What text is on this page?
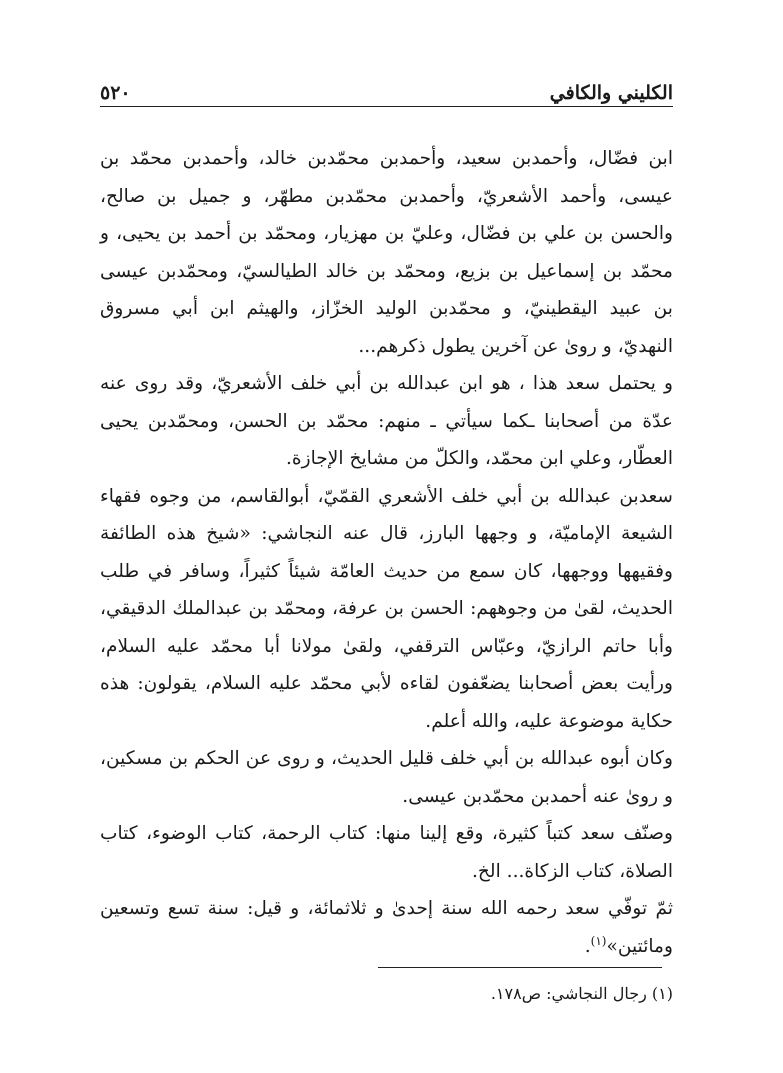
الكليني والكافي
٥٢٠

ابن فضّال، وأحمدبن سعيد، وأحمدبن محمّدبن خالد، وأحمدبن محمّد بن عيسى، وأحمد الأشعريّ، وأحمدبن محمّدبن مطهّر، و جميل بن صالح، والحسن بن علي بن فضّال، وعليّ بن مهزيار، ومحمّد بن أحمد بن يحيى، و محمّد بن إسماعيل بن بزيع، ومحمّد بن خالد الطيالسيّ، ومحمّدبن عيسى بن عبيد اليقطينيّ، و محمّدبن الوليد الخزّاز، والهيثم ابن أبي مسروق النهديّ، و روىٰ عن آخرين يطول ذكرهم...

و يحتمل سعد هذا ، هو ابن عبدالله بن أبي خلف الأشعريّ، وقد روى عنه عدّة من أصحابنا ـكما سيأتي ـ منهم: محمّد بن الحسن، ومحمّدبن يحيى العطّار، وعلي ابن محمّد، والكلّ من مشايخ الإجازة.

سعدبن عبدالله بن أبي خلف الأشعري القمّيّ، أبوالقاسم، من وجوه فقهاء الشيعة الإماميّة، و وجهها البارز، قال عنه النجاشي: «شيخ هذه الطائفة وفقيهها ووجهها، كان سمع من حديث العامّة شيئاً كثيراً، وسافر في طلب الحديث، لقىٰ من وجوههم: الحسن بن عرفة، ومحمّد بن عبدالملك الدقيقي، وأبا حاتم الرازيّ، وعبّاس الترقفي، ولقىٰ مولانا أبا محمّد عليه السلام، ورأيت بعض أصحابنا يضعّفون لقاءه لأبي محمّد عليه السلام، يقولون: هذه حكاية موضوعة عليه، والله أعلم.

وكان أبوه عبدالله بن أبي خلف قليل الحديث، و روى عن الحكم بن مسكين، و روىٰ عنه أحمدبن محمّدبن عيسى.

وصنّف سعد كتباً كثيرة، وقع إلينا منها: كتاب الرحمة، كتاب الوضوء، كتاب الصلاة، كتاب الزكاة... الخ.

ثمّ توفّي سعد رحمه الله سنة إحدىٰ و ثلاثمائة، و قيل: سنة تسع وتسعين ومائتين»$^{(١)}$.

(١) رجال النجاشي: ص١٧٨.
